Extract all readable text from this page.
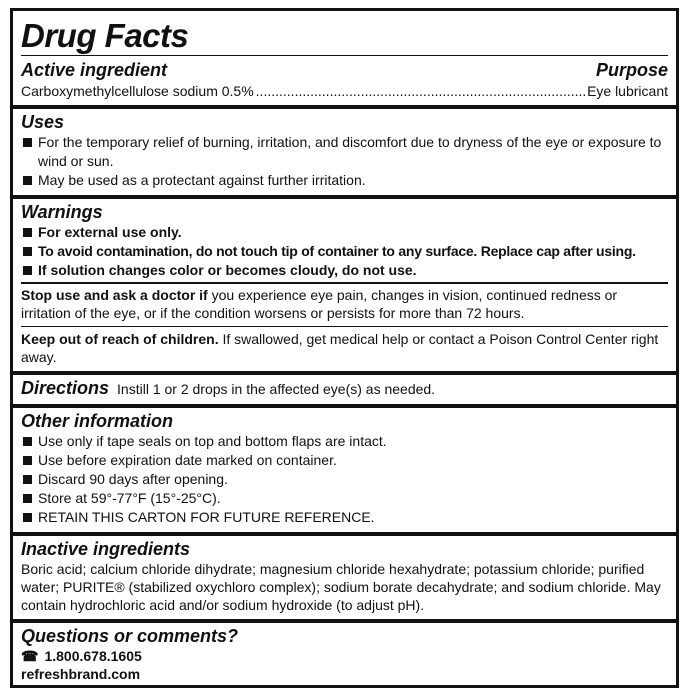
Drug Facts
Active ingredient	Purpose
Carboxymethylcellulose sodium 0.5%
.....	Eye lubricant
Uses
For the temporary relief of burning, irritation, and discomfort due to dryness of the eye or exposure to wind or sun.
May be used as a protectant against further irritation.
Warnings
For external use only.
To avoid contamination, do not touch tip of container to any surface. Replace cap after using.
If solution changes color or becomes cloudy, do not use.
Stop use and ask a doctor if you experience eye pain, changes in vision, continued redness or irritation of the eye, or if the condition worsens or persists for more than 72 hours.
Keep out of reach of children. If swallowed, get medical help or contact a Poison Control Center right away.
Directions Instill 1 or 2 drops in the affected eye(s) as needed.
Other information
Use only if tape seals on top and bottom flaps are intact.
Use before expiration date marked on container.
Discard 90 days after opening.
Store at 59°-77°F (15°-25°C).
RETAIN THIS CARTON FOR FUTURE REFERENCE.
Inactive ingredients
Boric acid; calcium chloride dihydrate; magnesium chloride hexahydrate; potassium chloride; purified water; PURITE® (stabilized oxychloro complex); sodium borate decahydrate; and sodium chloride. May contain hydrochloric acid and/or sodium hydroxide (to adjust pH).
Questions or comments?
☎ 1.800.678.1605
refreshbrand.com
